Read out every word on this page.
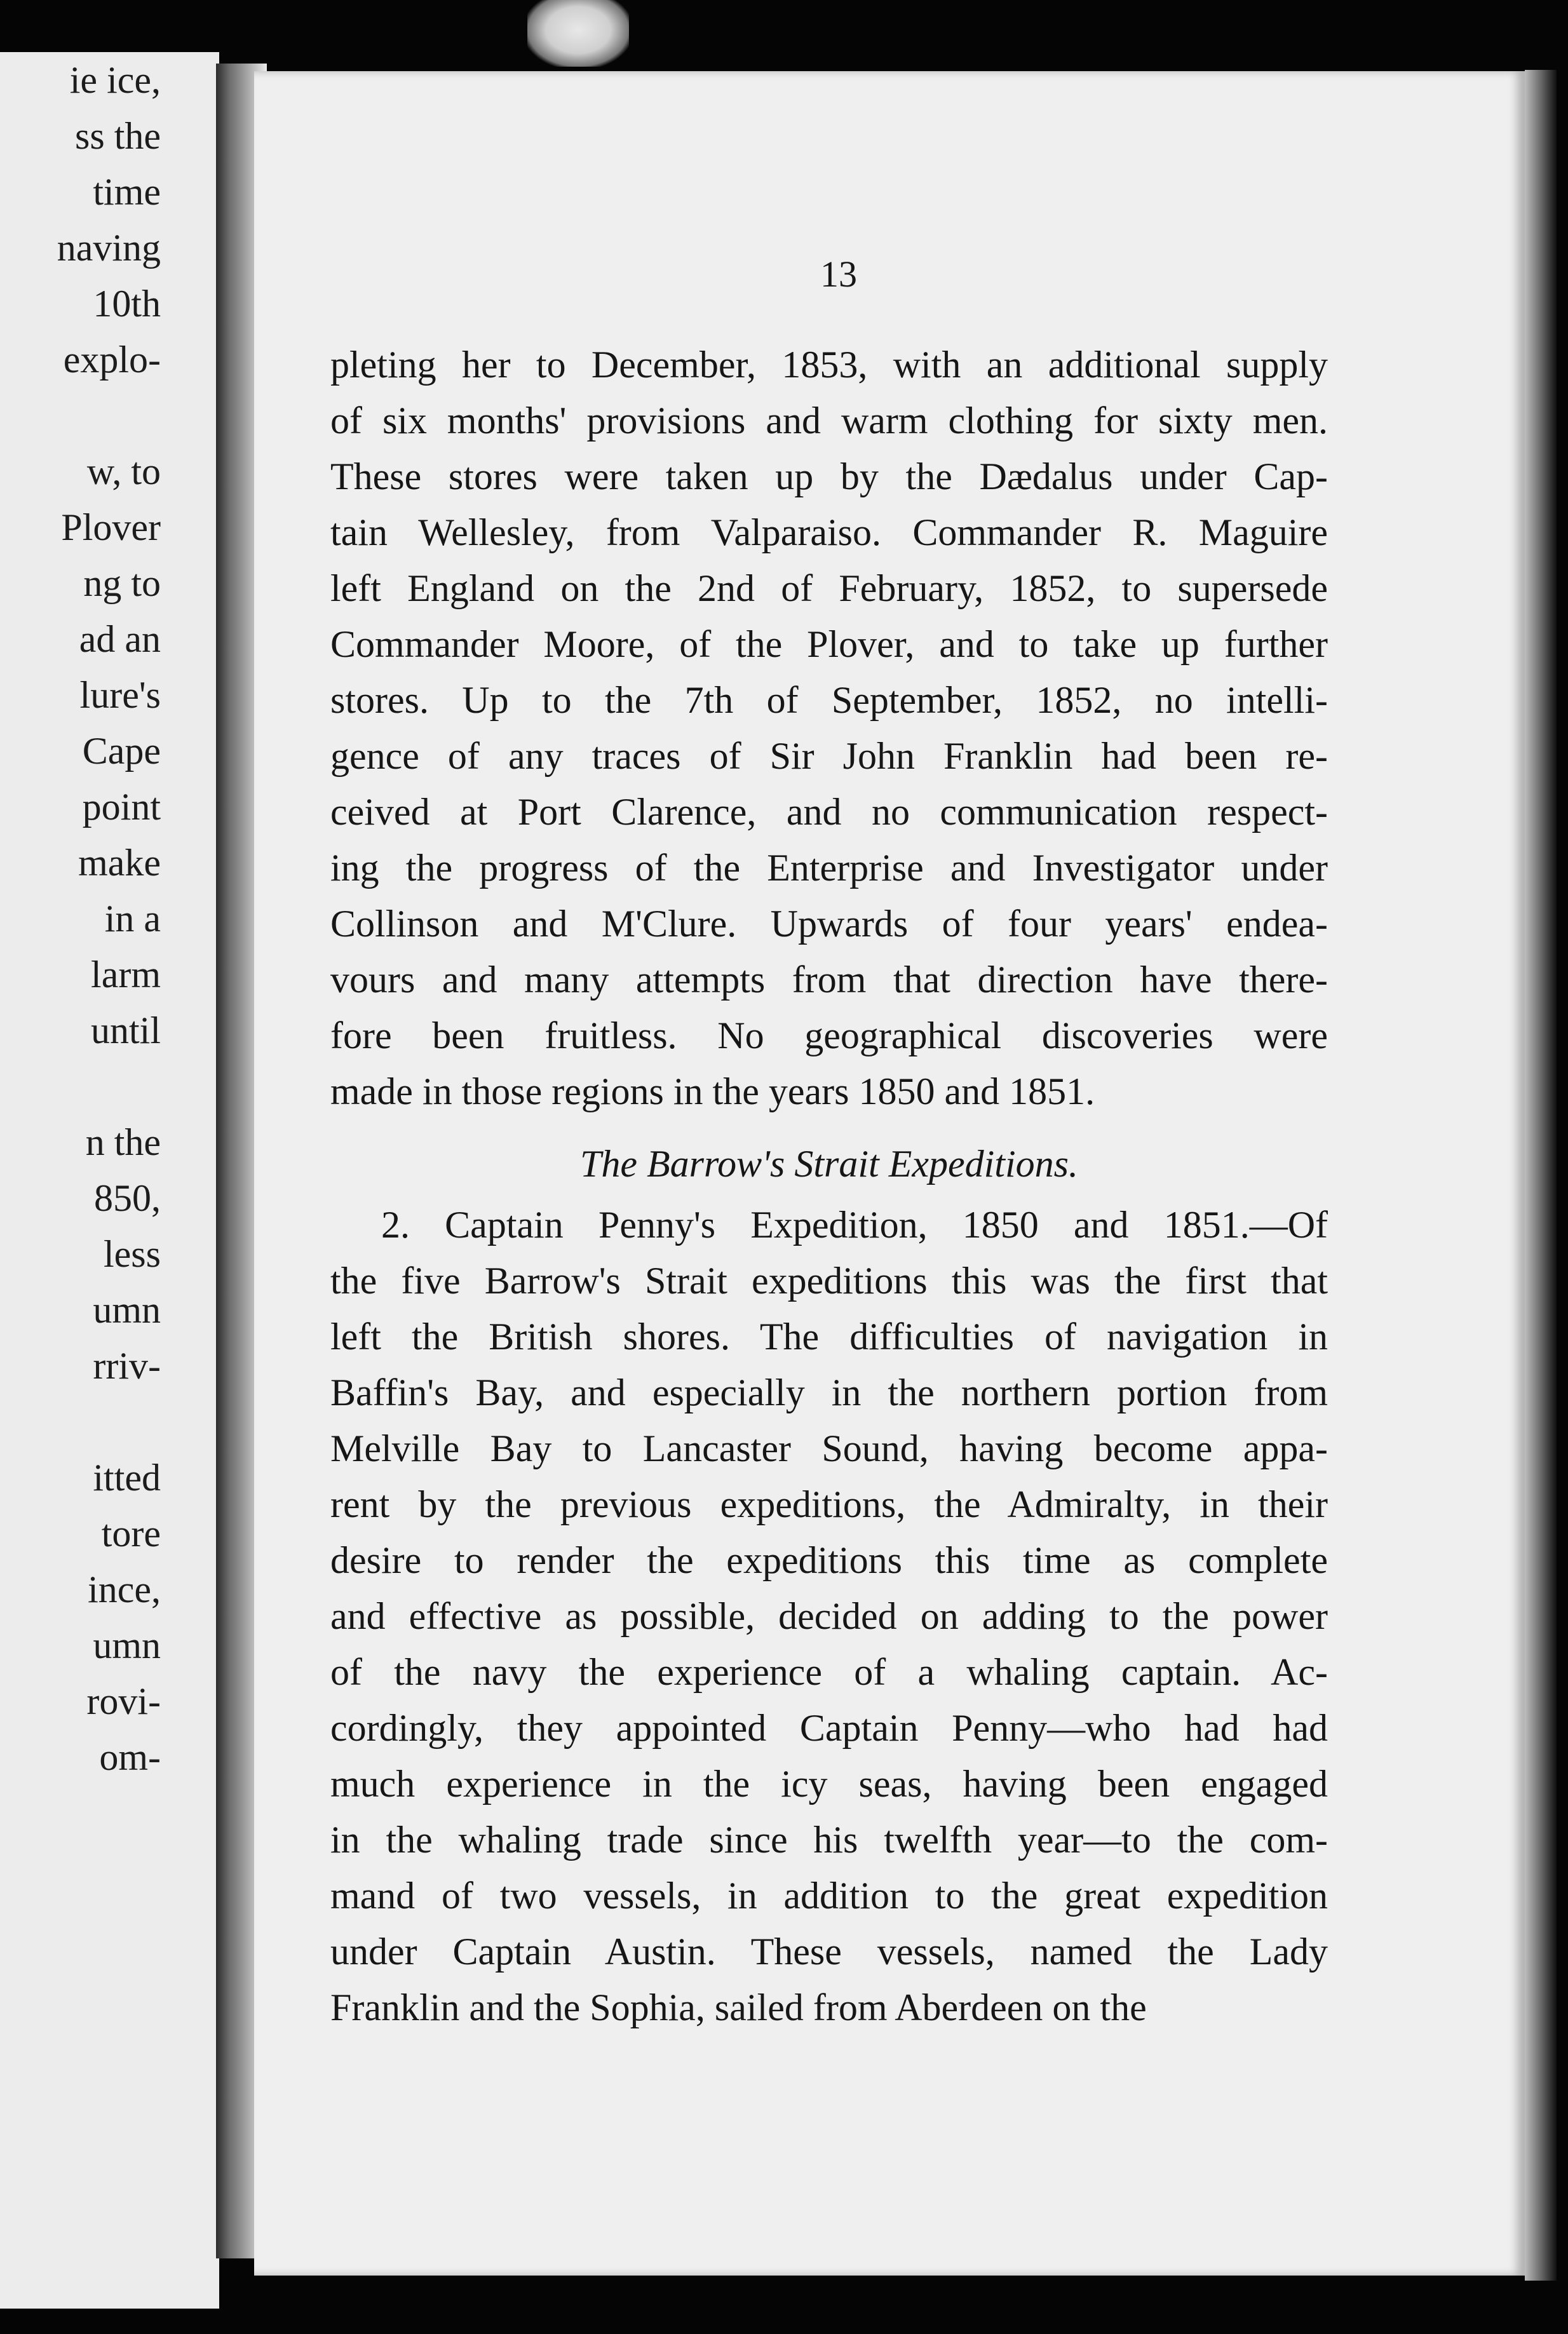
ie ice,
ss the
time
naving
10th
explo-
w, to
Plover
ng to
ad an
lure's
Cape
point
make
in a
larm
until
n the
850,
less
umn
rriv-
itted
tore
ince,
umn
rovi-
om-
13
pleting her to December, 1853, with an additional supply
of six months' provisions and warm clothing for sixty men.
These stores were taken up by the Dædalus under Cap-
tain Wellesley, from Valparaiso. Commander R. Maguire
left England on the 2nd of February, 1852, to supersede
Commander Moore, of the Plover, and to take up further
stores. Up to the 7th of September, 1852, no intelli-
gence of any traces of Sir John Franklin had been re-
ceived at Port Clarence, and no communication respect-
ing the progress of the Enterprise and Investigator under
Collinson and M'Clure. Upwards of four years' endea-
vours and many attempts from that direction have there-
fore been fruitless. No geographical discoveries were
made in those regions in the years 1850 and 1851.
The Barrow's Strait Expeditions.
2. Captain Penny's Expedition, 1850 and 1851.—Of
the five Barrow's Strait expeditions this was the first that
left the British shores. The difficulties of navigation in
Baffin's Bay, and especially in the northern portion from
Melville Bay to Lancaster Sound, having become appa-
rent by the previous expeditions, the Admiralty, in their
desire to render the expeditions this time as complete
and effective as possible, decided on adding to the power
of the navy the experience of a whaling captain. Ac-
cordingly, they appointed Captain Penny—who had had
much experience in the icy seas, having been engaged
in the whaling trade since his twelfth year—to the com-
mand of two vessels, in addition to the great expedition
under Captain Austin. These vessels, named the Lady
Franklin and the Sophia, sailed from Aberdeen on the
